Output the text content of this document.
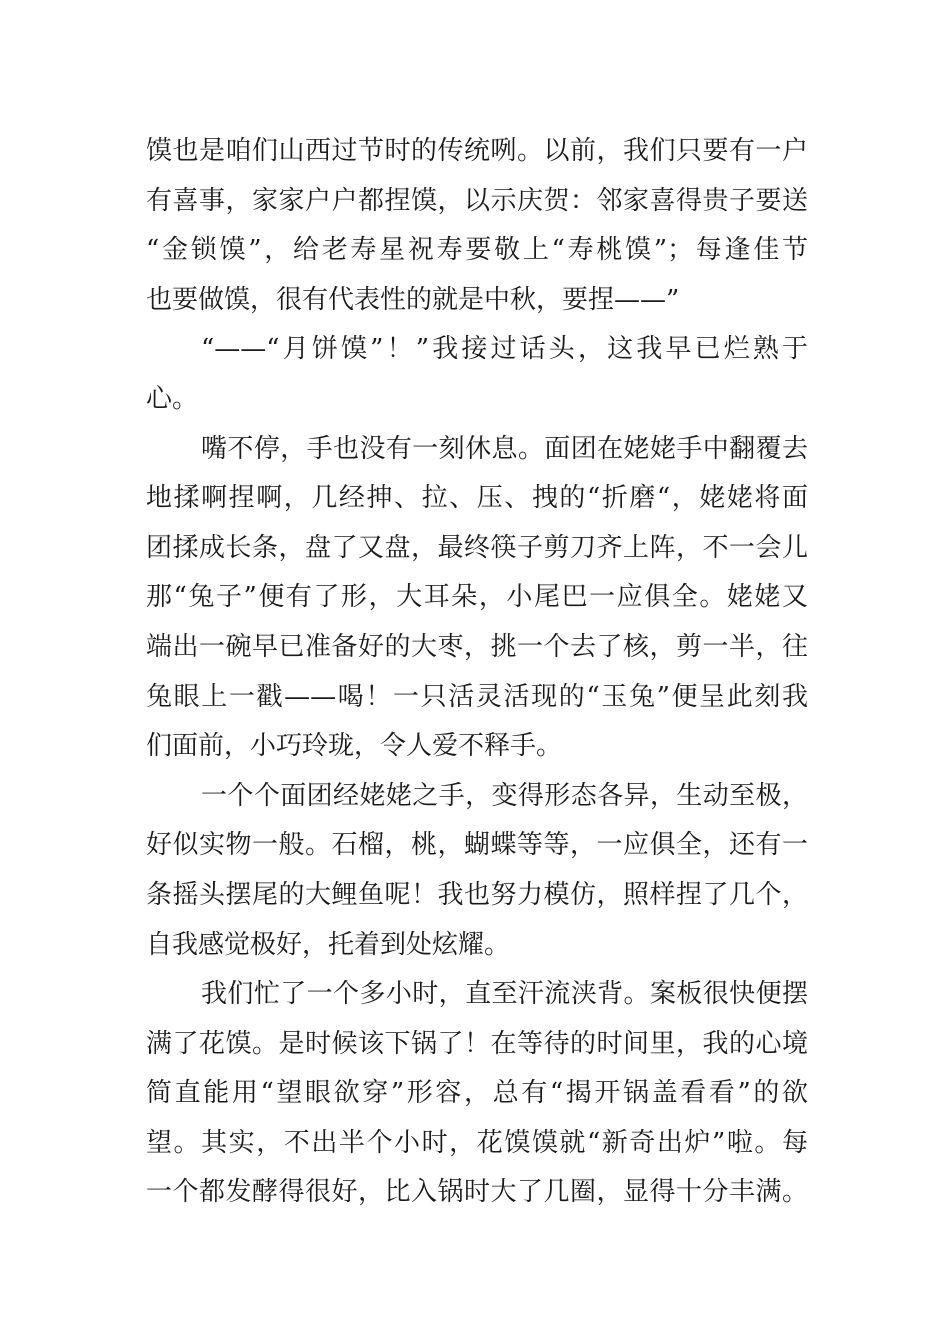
馍也是咱们山西过节时的传统咧。以前，我们只要有一户
有喜事，家家户户都捏馍，以示庆贺：邻家喜得贵子要送
“金锁馍”，给老寿星祝寿要敬上“寿桃馍”；每逢佳节
也要做馍，很有代表性的就是中秋，要捏——”
“——“月饼馍”！”我接过话头，这我早已烂熟于
心。
嘴不停，手也没有一刻休息。面团在姥姥手中翻覆去
地揉啊捏啊，几经抻、拉、压、拽的“折磨“，姥姥将面
团揉成长条，盘了又盘，最终筷子剪刀齐上阵，不一会儿
那“兔子”便有了形，大耳朵，小尾巴一应俱全。姥姥又
端出一碗早已准备好的大枣，挑一个去了核，剪一半，往
兔眼上一戳——喝！一只活灵活现的“玉兔”便呈此刻我
们面前，小巧玲珑，令人爱不释手。
一个个面团经姥姥之手，变得形态各异，生动至极，
好似实物一般。石榴，桃，蝴蝶等等，一应俱全，还有一
条摇头摆尾的大鲤鱼呢！我也努力模仿，照样捏了几个，
自我感觉极好，托着到处炫耀。
我们忙了一个多小时，直至汗流浃背。案板很快便摆
满了花馍。是时候该下锅了！在等待的时间里，我的心境
简直能用“望眼欲穿”形容，总有“揭开锅盖看看”的欲
望。其实，不出半个小时，花馍馍就“新奇出炉”啦。每
一个都发酵得很好，比入锅时大了几圈，显得十分丰满。
